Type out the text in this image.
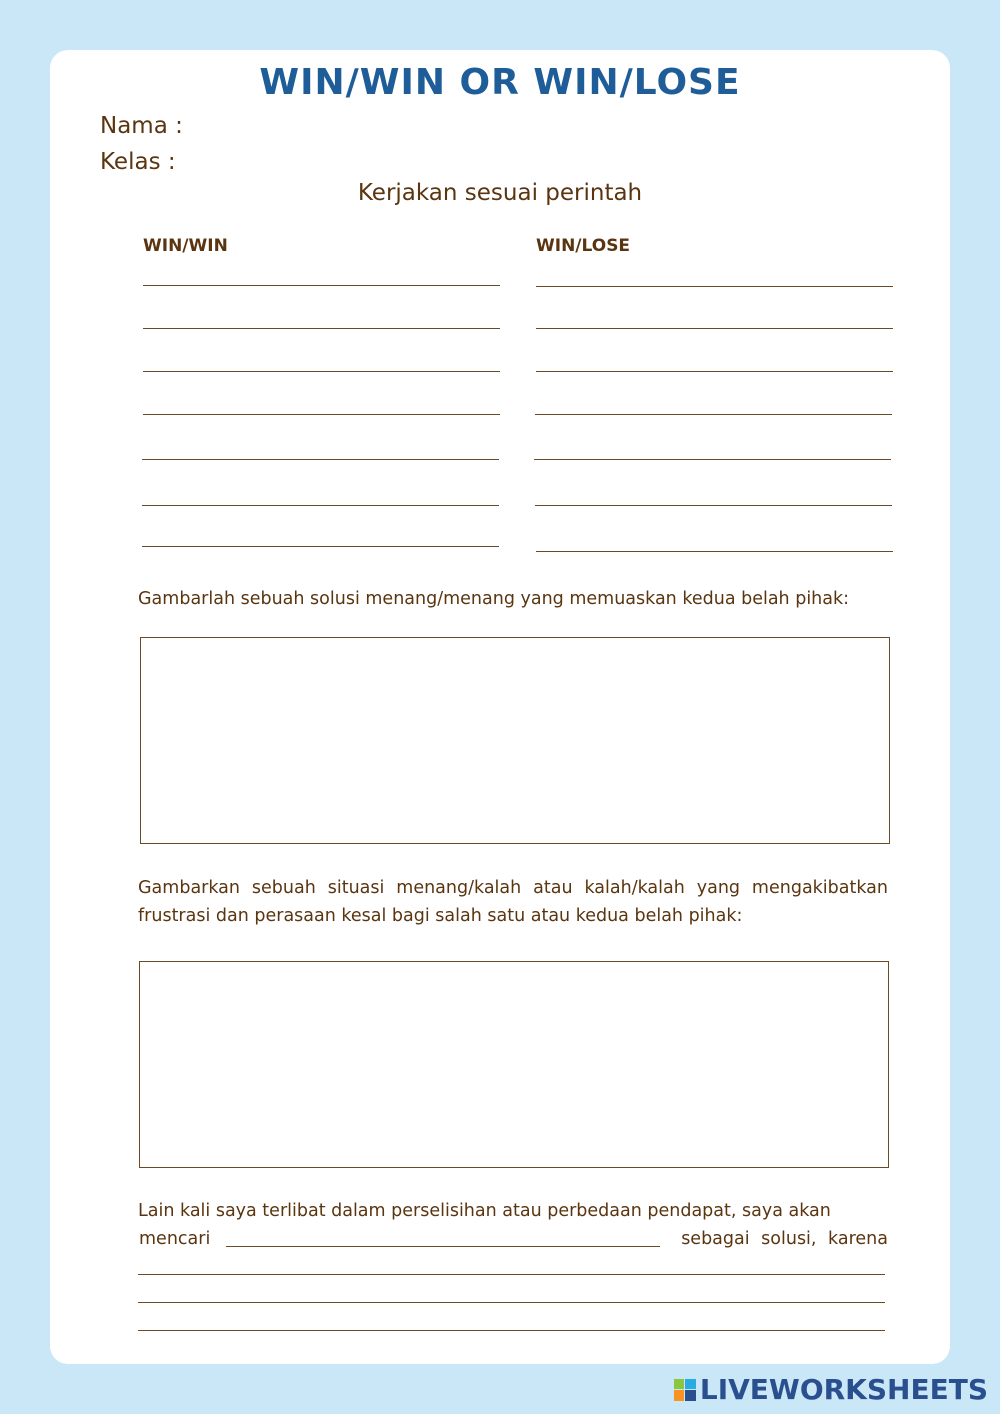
WIN/WIN OR WIN/LOSE
Nama :
Kelas :
Kerjakan sesuai perintah
WIN/WIN	WIN/LOSE
Gambarlah sebuah solusi menang/menang yang memuaskan kedua belah pihak:
Gambarkan sebuah situasi menang/kalah atau kalah/kalah yang mengakibatkan frustrasi dan perasaan kesal bagi salah satu atau kedua belah pihak:
Lain kali saya terlibat dalam perselisihan atau perbedaan pendapat, saya akan
mencari	sebagai solusi, karena
LIVEWORKSHEETS
